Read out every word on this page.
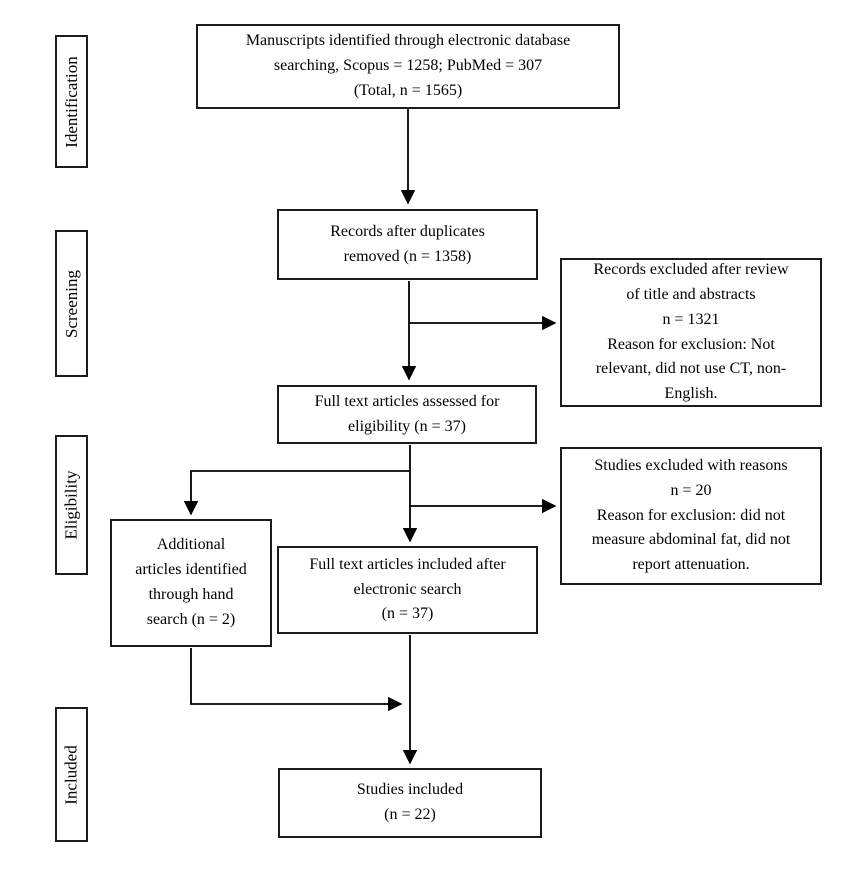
Identification
Screening
Eligibility
Included
Manuscripts identified through electronic database
searching, Scopus = 1258; PubMed = 307
(Total, n = 1565)
Records after duplicates
removed (n = 1358)
Records excluded after review
of title and abstracts
n = 1321
Reason for exclusion: Not
relevant, did not use CT, non-
English.
Full text articles assessed for
eligibility (n = 37)
Studies excluded with reasons
n = 20
Reason for exclusion: did not
measure abdominal fat, did not
report attenuation.
Additional
articles identified
through hand
search (n = 2)
Full text articles included after
electronic search
(n = 37)
Studies included
(n = 22)
